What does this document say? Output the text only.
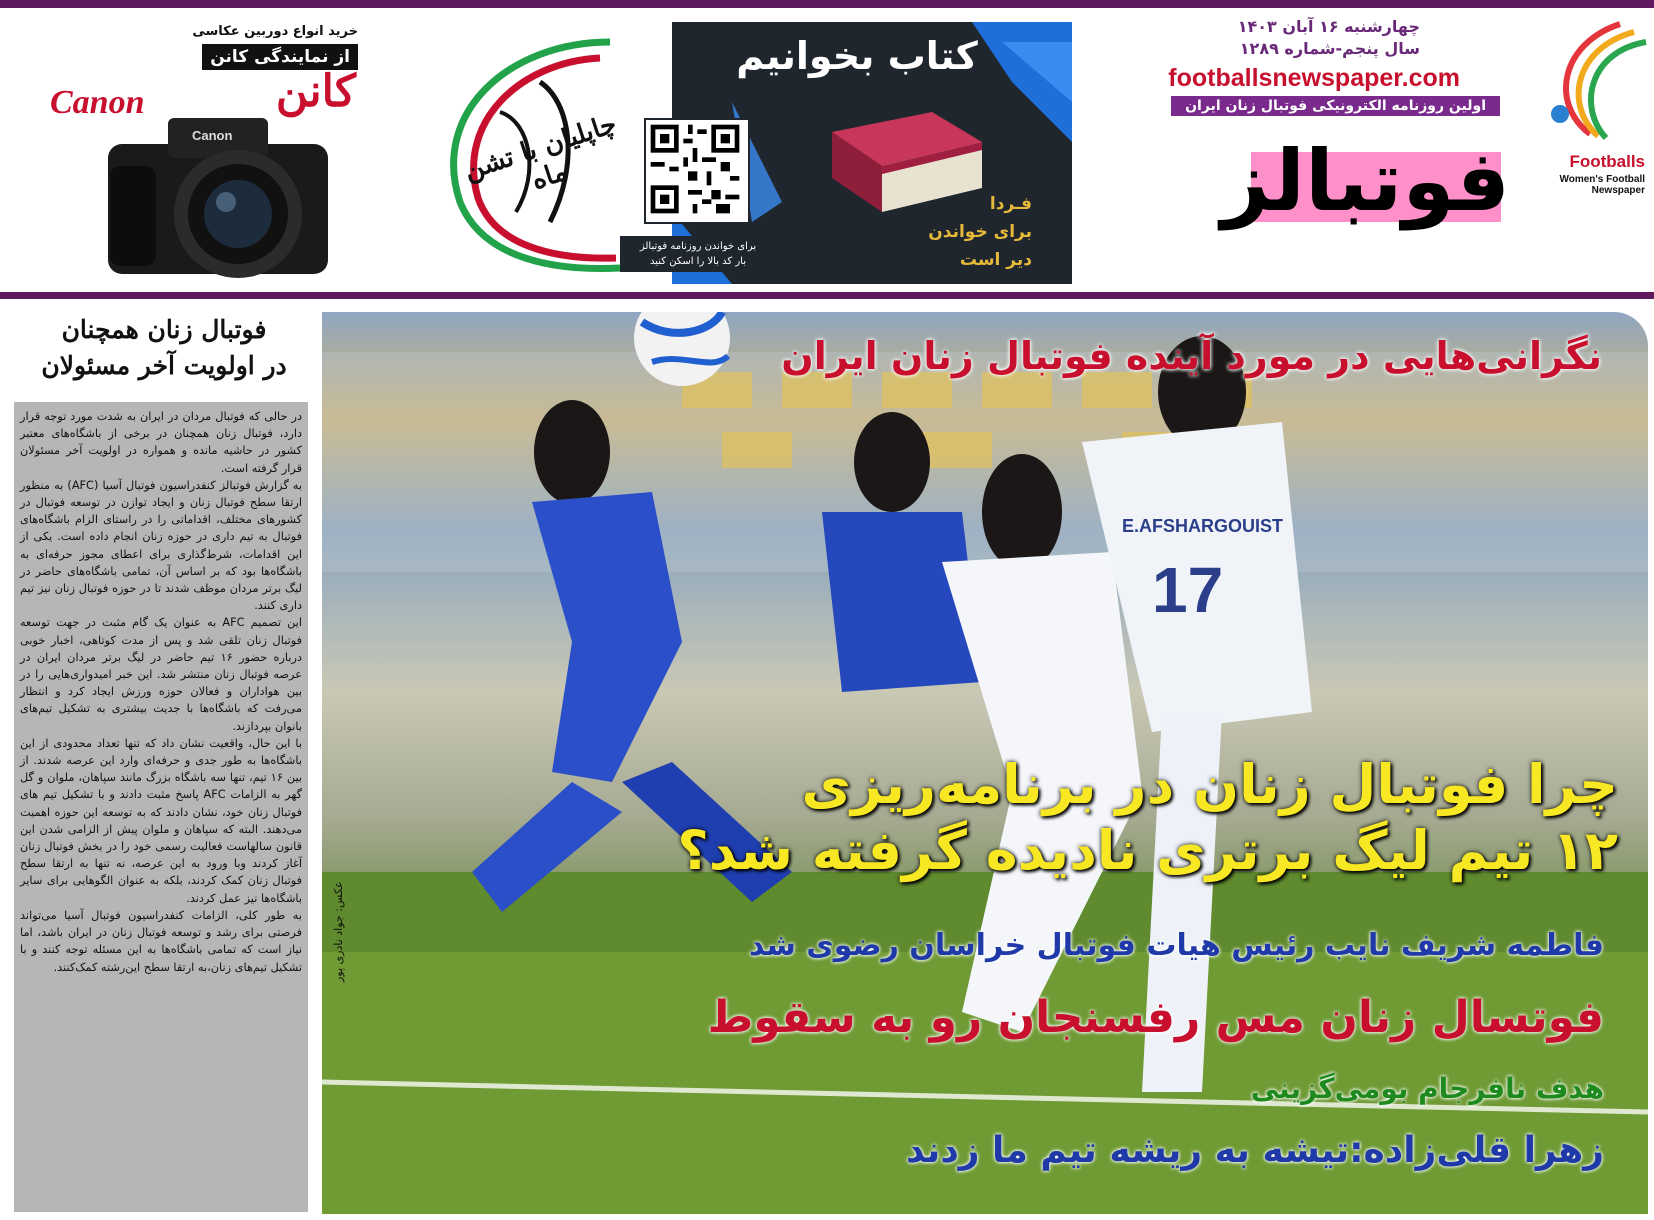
خرید انواع دوربین عکاسی
از نمایندگی کانن
کانن
Canon
Canon	چاپلیان با تشن ماه
کتاب بخوانیم
فـردا
برای خواندن
دیر است
برای خواندن روزنامه فوتبالز
بار کد بالا را اسکن کنید
چهارشنبه ۱۶ آبان ۱۴۰۳
سال پنجم-شماره ۱۲۸۹
footballsnewspaper.com
اولین روزنامه الکترونیکی فوتبال زنان ایران
فوتبالز	Footballs
Women's Football Newspaper
فوتبال زنان همچنان
در اولویت آخر مسئولان

در حالی که فوتبال مردان در ایران به شدت مورد توجه قرار دارد، فوتبال زنان همچنان در برخی از باشگاه‌های معتبر کشور در حاشیه مانده و همواره در اولویت آخر مسئولان قرار گرفته است.

به گزارش فوتبالز کنفدراسیون فوتبال آسیا (AFC) به منظور ارتقا سطح فوتبال زنان و ایجاد توازن در توسعه فوتبال در کشورهای مختلف، اقداماتی را در راستای الزام باشگاه‌های فوتبال به تیم داری در حوزه زنان انجام داده است. یکی از این اقدامات، شرط‌گذاری برای اعطای مجوز حرفه‌ای به باشگاه‌ها بود که بر اساس آن، تمامی باشگاه‌های حاضر در لیگ برتر مردان موظف شدند تا در حوزه فوتبال زنان نیز تیم داری کنند.

این تصمیم AFC به عنوان یک گام مثبت در جهت توسعه فوتبال زنان تلقی شد و پس از مدت کوتاهی، اخبار خوبی درباره حضور ۱۶ تیم حاضر در لیگ برتر مردان ایران در عرصه فوتبال زنان منتشر شد. این خبر امیدواری‌هایی را در بین هواداران و فعالان حوزه ورزش ایجاد کرد و انتظار می‌رفت که باشگاه‌ها با جدیت بیشتری به تشکیل تیم‌های بانوان بپردازند.

با این حال، واقعیت نشان داد که تنها تعداد محدودی از این باشگاه‌ها به طور جدی و حرفه‌ای وارد این عرصه شدند. از بین ۱۶ تیم، تنها سه باشگاه بزرگ مانند سپاهان، ملوان و گل گهر به الزامات AFC پاسخ مثبت دادند و با تشکیل تیم های فوتبال زنان خود، نشان دادند که به توسعه این حوزه اهمیت می‌دهند. البته که سپاهان و ملوان پیش از الزامی شدن این قانون سالهاست فعالیت رسمی خود را در بخش فوتبال زنان آغاز کردند وبا ورود به این عرصه، نه تنها به ارتقا سطح فوتبال زنان کمک کردند، بلکه به عنوان الگوهایی برای سایر باشگاه‌ها نیز عمل کردند.

به طور کلی، الزامات کنفدراسیون فوتبال آسیا می‌تواند فرصتی برای رشد و توسعه فوتبال زنان در ایران باشد، اما نیاز است که تمامی باشگاه‌ها به این مسئله توجه کنند و با تشکیل تیم‌های زنان،به ارتقا سطح این‌رشته کمک‌کنند.

E.AFSHARGOUIST
17
نگرانی‌هایی در مورد آینده فوتبال زنان ایران
چرا فوتبال زنان در برنامه‌ریزی
۱۲ تیم لیگ برتری نادیده گرفته شد؟
فاطمه شریف نایب رئیس هیات فوتبال خراسان رضوی شد
فوتسال زنان مس رفسنجان رو به سقوط
هدف نافرجام بومی‌گزینی
زهرا قلی‌زاده:تیشه به ریشه تیم ما زدند
عکس: جواد نادری پور
